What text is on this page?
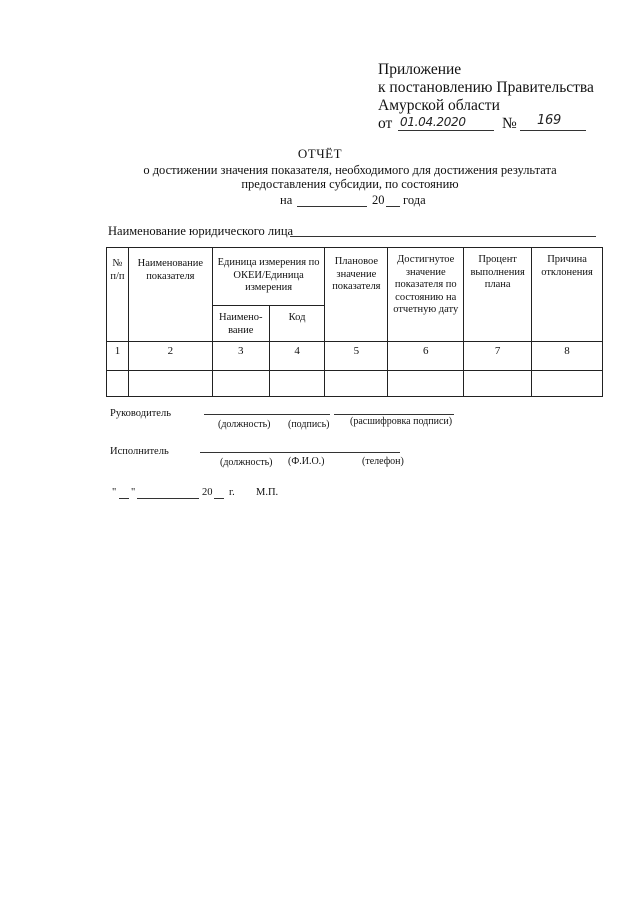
Приложение
к постановлению Правительства
Амурской области
от 01.04.2020 № 169
ОТЧЁТ
о достижении значения показателя, необходимого для достижения результата
предоставления субсидии, по состоянию
на	20 года
Наименование юридического лица
№ п/п	Наименование показателя	Единица измерения по ОКЕИ/Единица измерения		Плановое значение показателя	Достигнутое значение показателя по состоянию на отчетную дату	Процент выполнения плана	Причина отклонения
		Наимено-вание	Код				
1	2	3	4	5	6	7	8

Руководитель
(должность) (подпись) (расшифровка подписи)
Исполнитель
(должность) (Ф.И.О.)	(телефон)
" "	20 г. М.П.
